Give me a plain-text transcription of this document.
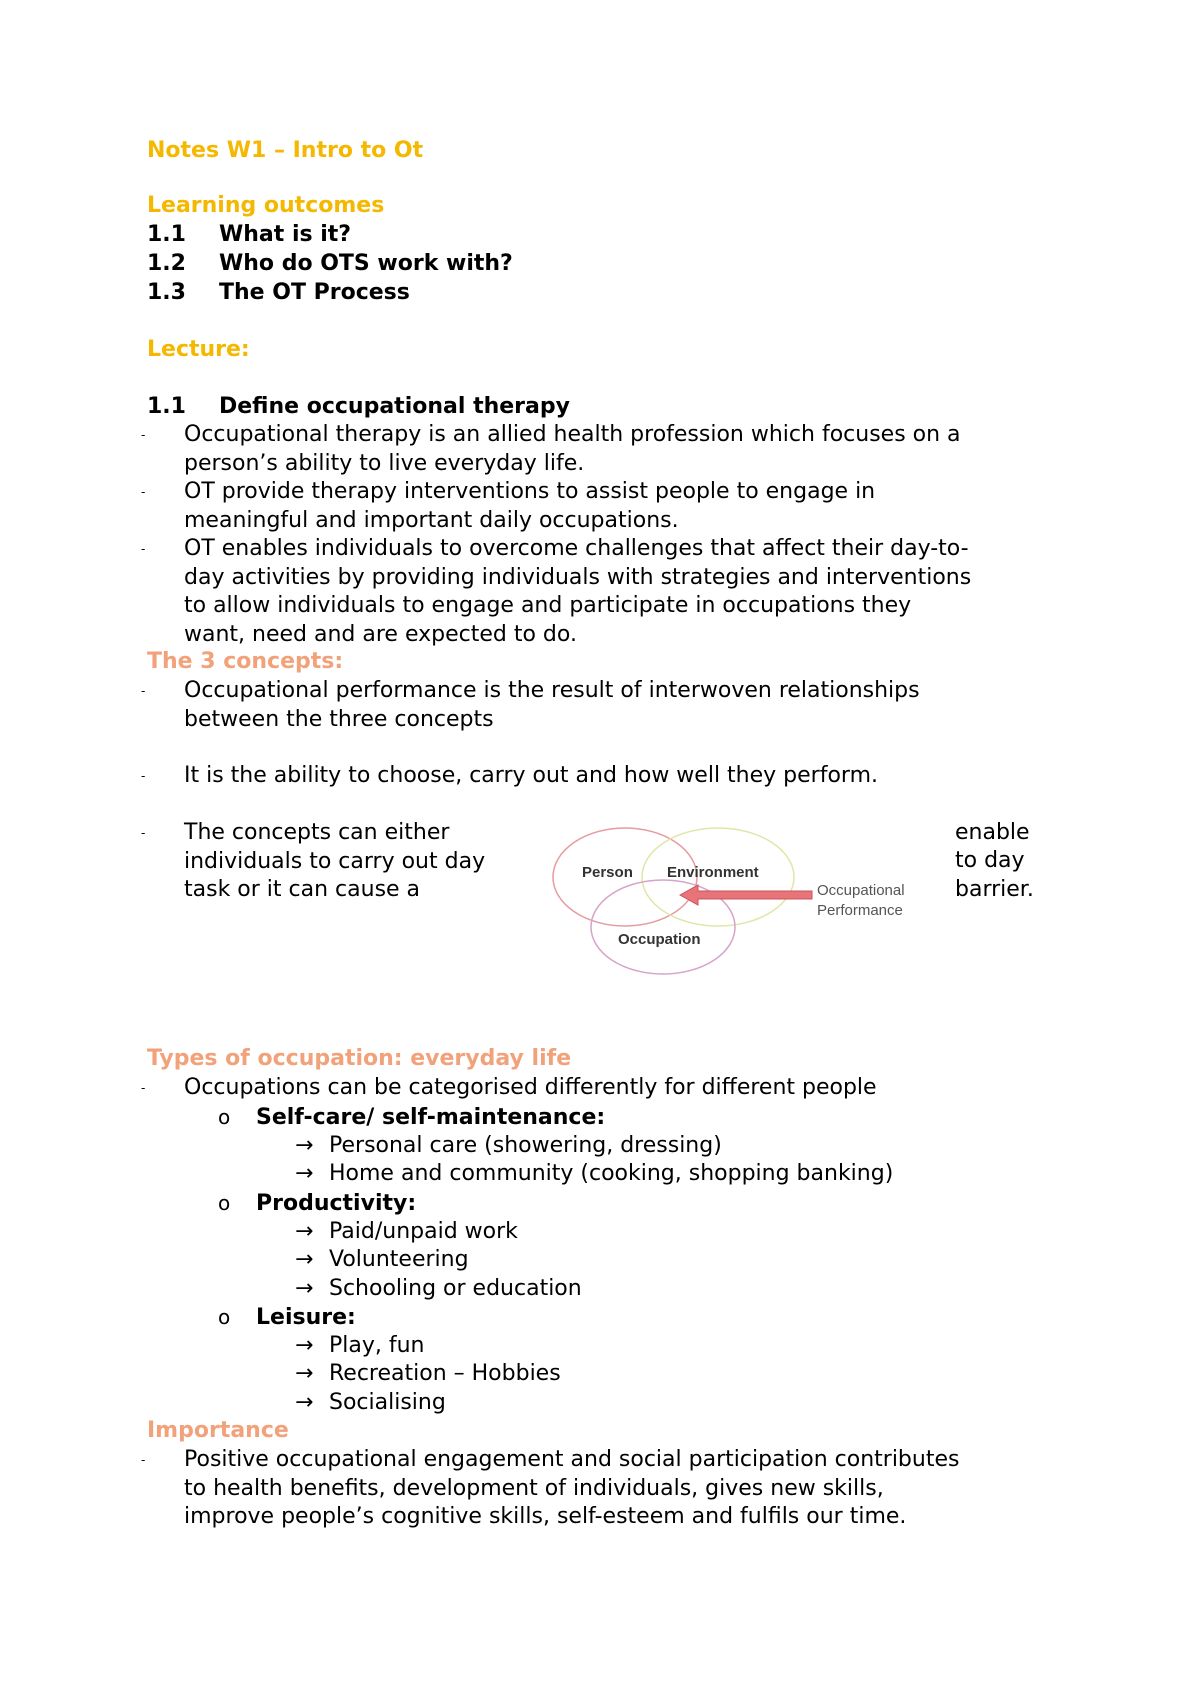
Notes W1 – Intro to Ot
Learning outcomes
1.1 What is it?
1.2 Who do OTS work with?
1.3 The OT Process
Lecture:
1.1 Define occupational therapy
- Occupational therapy is an allied health profession which focuses on a

person’s ability to live everyday life.

- OT provide therapy interventions to assist people to engage in

meaningful and important daily occupations.

- OT enables individuals to overcome challenges that affect their day-to-

day activities by providing individuals with strategies and interventions

to allow individuals to engage and participate in occupations they

want, need and are expected to do.

The 3 concepts:
- Occupational performance is the result of interwoven relationships

between the three concepts

- It is the ability to choose, carry out and how well they perform.

- The concepts can either

individuals to carry out day

task or it can cause a

enable
to day
barrier.
Person Environment
Occupation
Occupational
Performance
Types of occupation: everyday life
- Occupations can be categorised differently for different people

o Self-care/ self-maintenance:
→ Personal care (showering, dressing)
→ Home and community (cooking, shopping banking)
o Productivity:
→ Paid/unpaid work
→ Volunteering
→ Schooling or education
o Leisure:
→ Play, fun
→ Recreation – Hobbies
→ Socialising
Importance
- Positive occupational engagement and social participation contributes

to health benefits, development of individuals, gives new skills,

improve people’s cognitive skills, self-esteem and fulfils our time.
